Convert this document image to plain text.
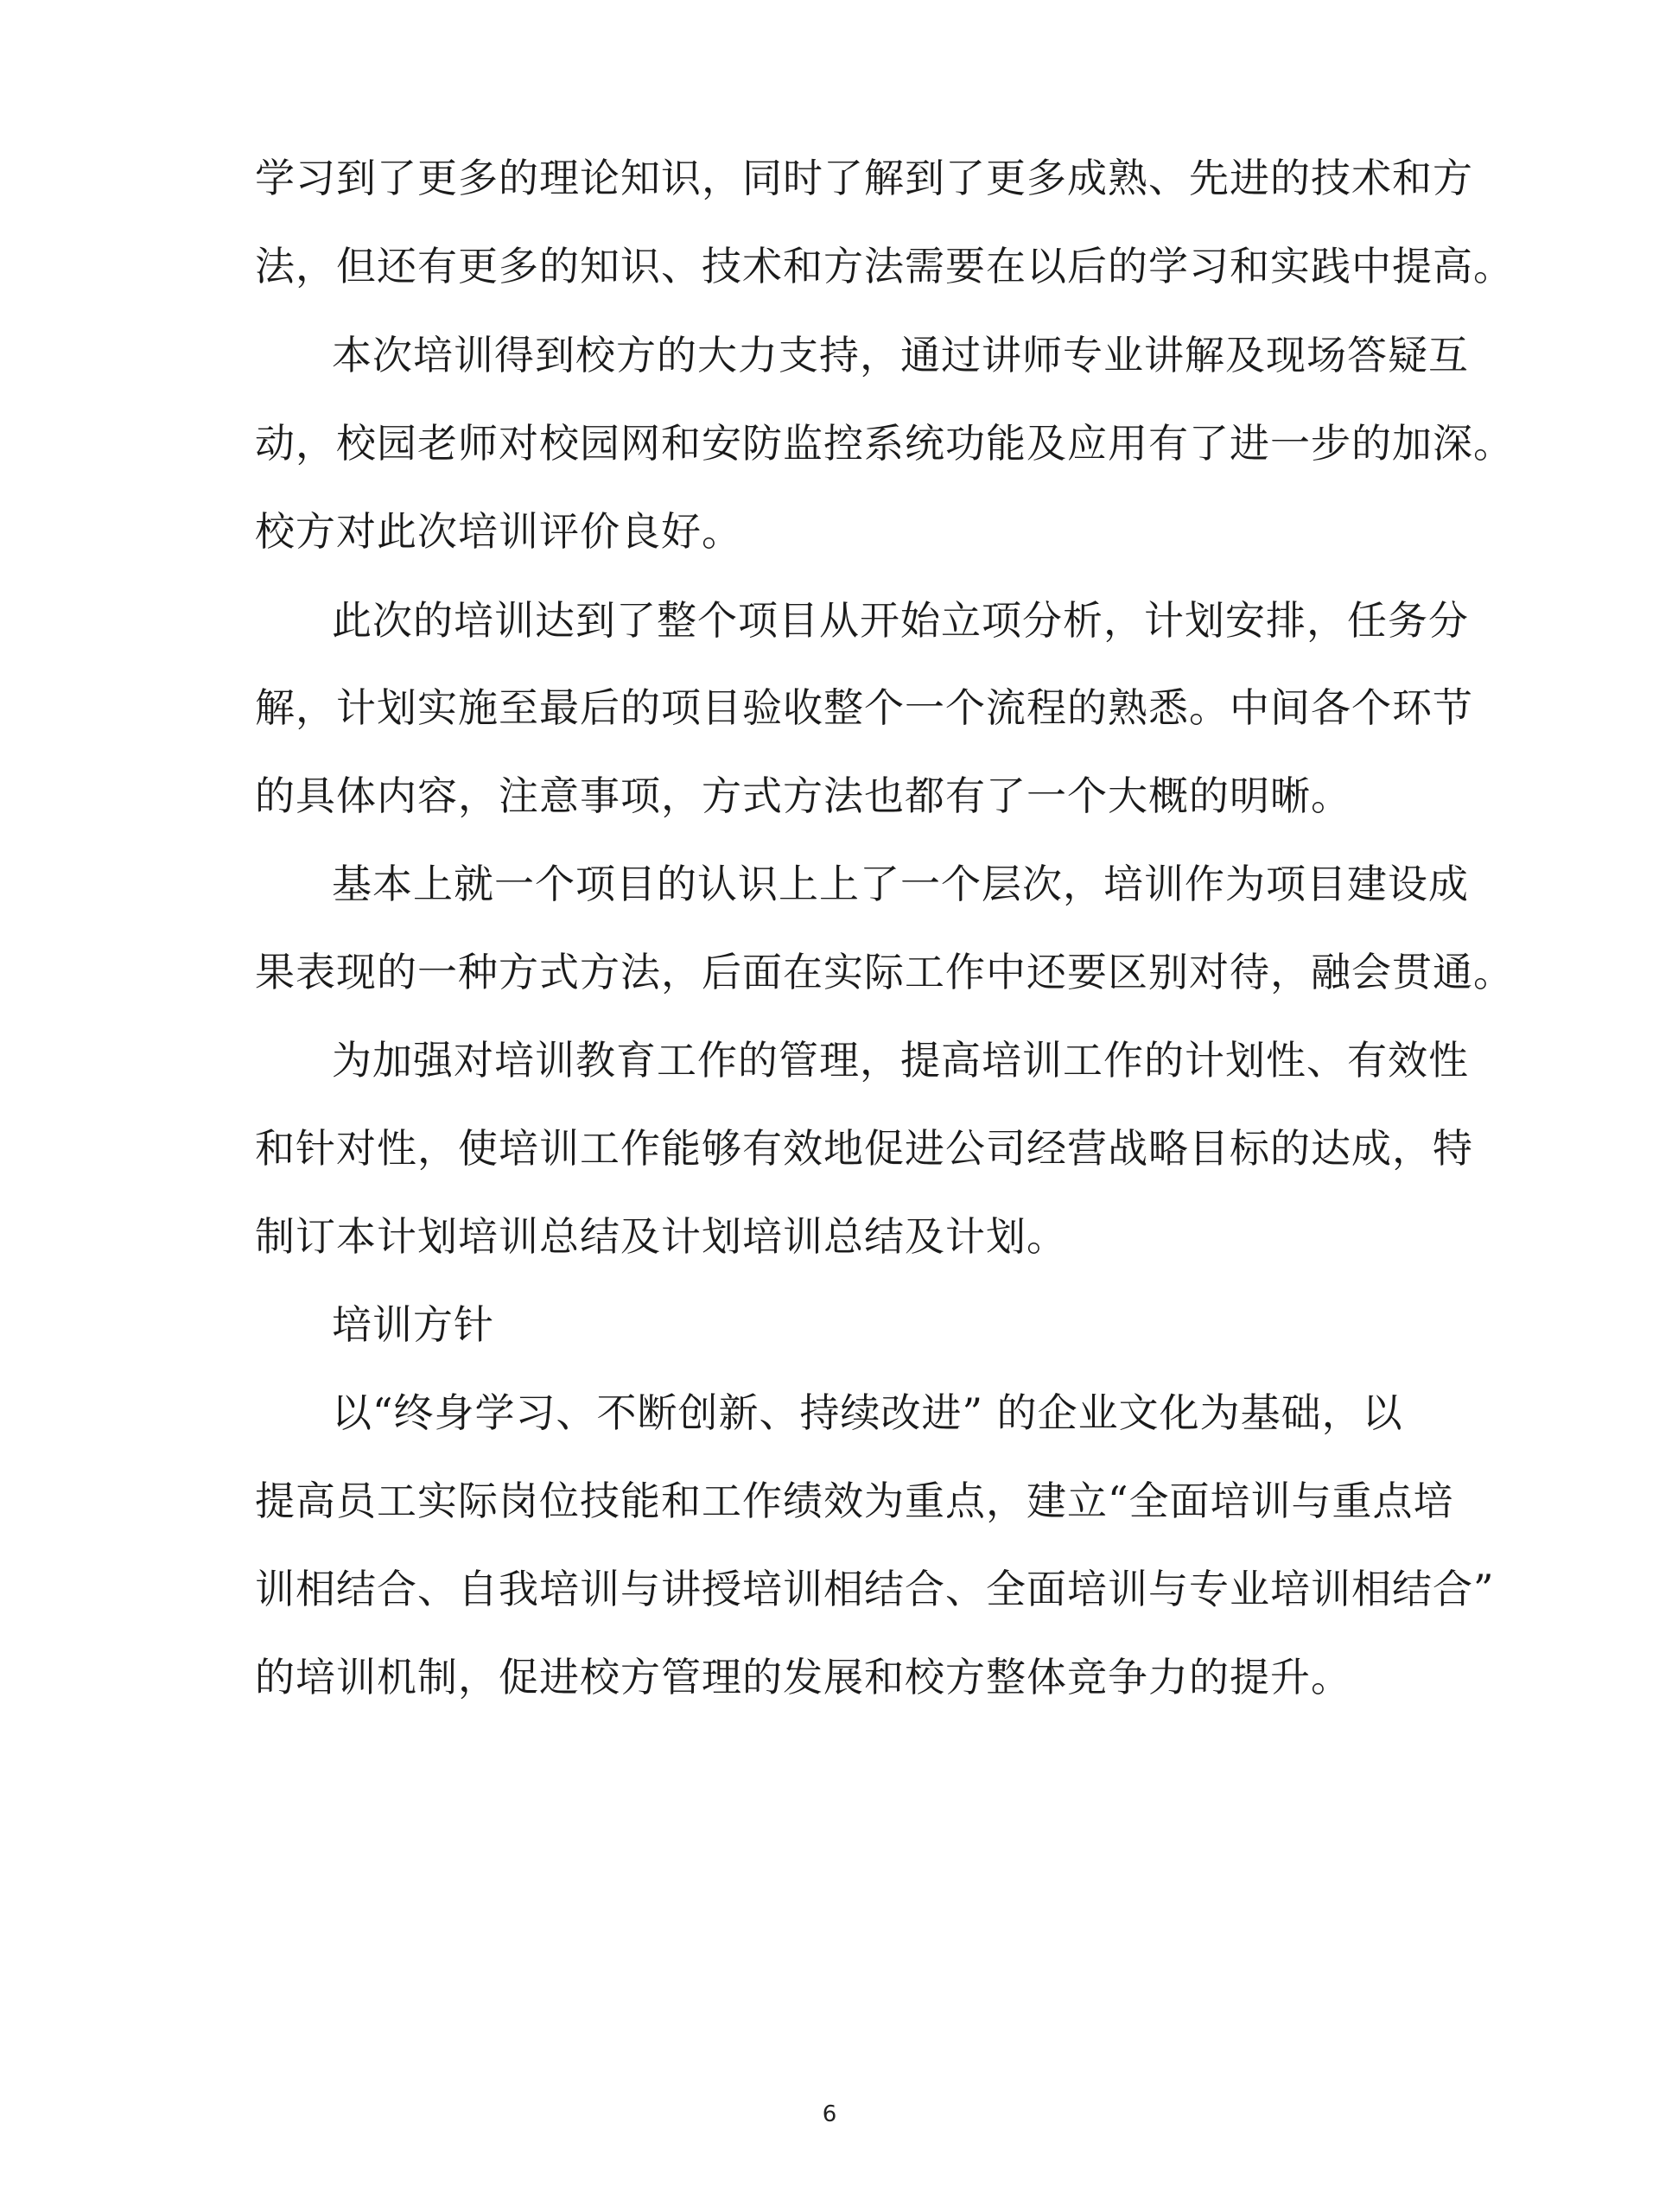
学习到了更多的理论知识，同时了解到了更多成熟、先进的技术和方
法，但还有更多的知识、技术和方法需要在以后的学习和实践中提高。
本次培训得到校方的大力支持，通过讲师专业讲解及现场答疑互
动，校园老师对校园网和安防监控系统功能及应用有了进一步的加深。
校方对此次培训评价良好。
此次的培训达到了整个项目从开始立项分析，计划安排，任务分
解，计划实施至最后的项目验收整个一个流程的熟悉。中间各个环节
的具体内容，注意事项，方式方法也都有了一个大概的明晰。
基本上就一个项目的认识上上了一个层次，培训作为项目建设成
果表现的一种方式方法，后面在实际工作中还要区别对待，融会贯通。
为加强对培训教育工作的管理，提高培训工作的计划性、有效性
和针对性，使培训工作能够有效地促进公司经营战略目标的达成，特
制订本计划培训总结及计划培训总结及计划。
培训方针
以“终身学习、不断创新、持续改进” 的企业文化为基础，以
提高员工实际岗位技能和工作绩效为重点，建立“全面培训与重点培
训相结合、自我培训与讲授培训相结合、全面培训与专业培训相结合”
的培训机制，促进校方管理的发展和校方整体竞争力的提升。
6
